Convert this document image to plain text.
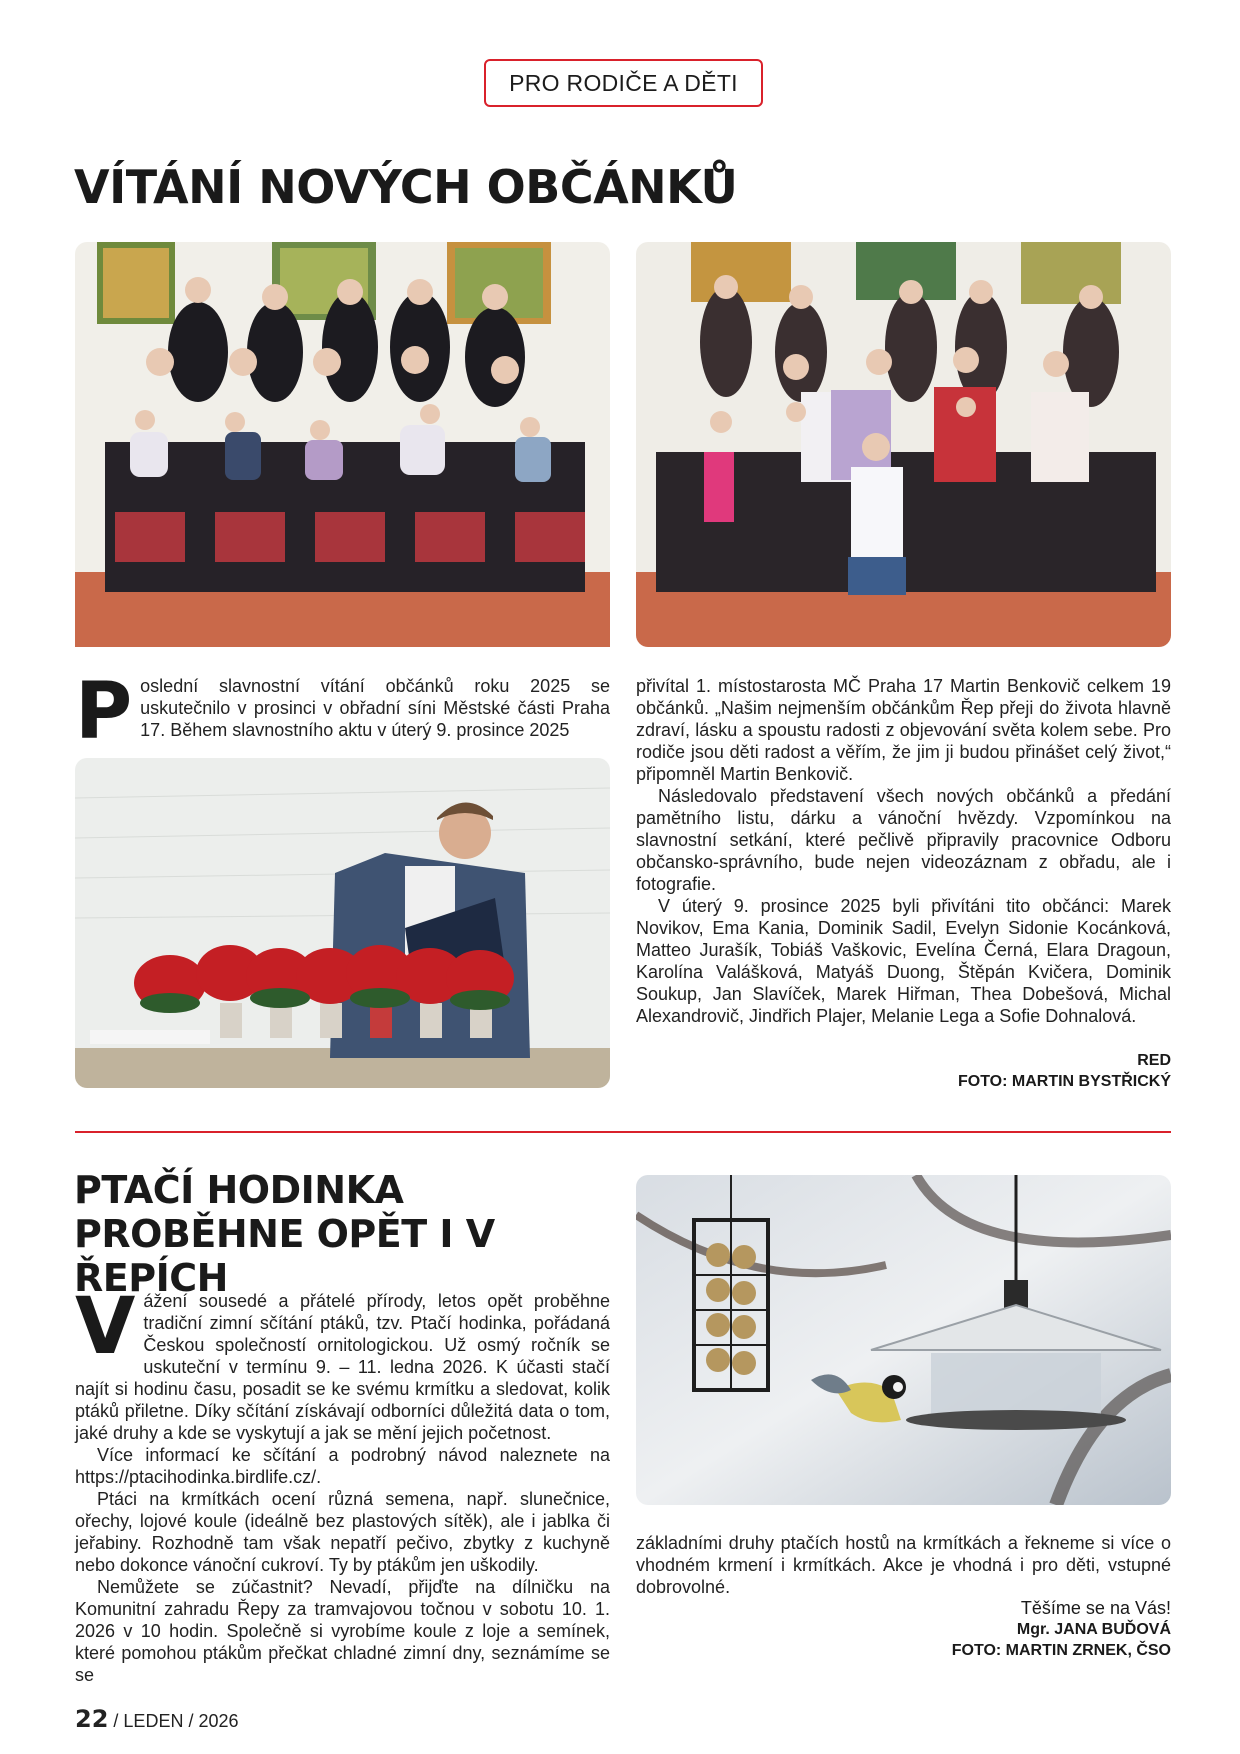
PRO RODIČE A DĚTI
VÍTÁNÍ NOVÝCH OBČÁNKŮ
P oslední slavnostní vítání občánků roku 2025 se uskutečnilo v prosinci v obřadní síni Městské části Praha 17. Během slavnostního aktu v úterý 9. prosince 2025

přivítal 1. místostarosta MČ Praha 17 Martin Benkovič celkem 19 občánků. „Našim nejmenším občánkům Řep přeji do života hlavně zdraví, lásku a spoustu radosti z objevování světa kolem sebe. Pro rodiče jsou děti radost a věřím, že jim ji budou přinášet celý život,“ připomněl Martin Benkovič.

Následovalo představení všech nových občánků a předání pamětního listu, dárku a vánoční hvězdy. Vzpomínkou na slavnostní setkání, které pečlivě připravily pracovnice Odboru občansko-správního, bude nejen videozáznam z obřadu, ale i fotografie.

V úterý 9. prosince 2025 byli přivítáni tito občánci: Marek Novikov, Ema Kania, Dominik Sadil, Evelyn Sidonie Kocánková, Matteo Jurašík, Tobiáš Vaškovic, Evelína Černá, Elara Dragoun, Karolína Valášková, Matyáš Duong, Štěpán Kvičera, Dominik Soukup, Jan Slavíček, Marek Hiřman, Thea Dobešová, Michal Alexandrovič, Jindřich Plajer, Melanie Lega a Sofie Dohnalová.

RED
FOTO: MARTIN BYSTŘICKÝ
PTAČÍ HODINKA PROBĚHNE OPĚT I V ŘEPÍCH
V ážení sousedé a přátelé přírody, letos opět proběhne tradiční zimní sčítání ptáků, tzv. Ptačí hodinka, pořádaná Českou společností ornitologickou. Už osmý ročník se uskuteční v termínu 9. – 11. ledna 2026. K účasti stačí najít si hodinu času, posadit se ke svému krmítku a sledovat, kolik ptáků přiletne. Díky sčítání získávají odborníci důležitá data o tom, jaké druhy a kde se vyskytují a jak se mění jejich početnost.

Více informací ke sčítání a podrobný návod naleznete na https://ptacihodinka.birdlife.cz/.

Ptáci na krmítkách ocení různá semena, např. slunečnice, ořechy, lojové koule (ideálně bez plastových sítěk), ale i jablka či jeřabiny. Rozhodně tam však nepatří pečivo, zbytky z kuchyně nebo dokonce vánoční cukroví. Ty by ptákům jen uškodily.

Nemůžete se zúčastnit? Nevadí, přijďte na dílničku na Komunitní zahradu Řepy za tramvajovou točnou v sobotu 10. 1. 2026 v 10 hodin. Společně si vyrobíme koule z loje a semínek, které pomohou ptákům přečkat chladné zimní dny, seznámíme se se

základními druhy ptačích hostů na krmítkách a řekneme si více o vhodném krmení i krmítkách. Akce je vhodná i pro děti, vstupné dobrovolné.

Těšíme se na Vás!
Mgr. JANA BUĎOVÁ
FOTO: MARTIN ZRNEK, ČSO
22 / LEDEN / 2026
